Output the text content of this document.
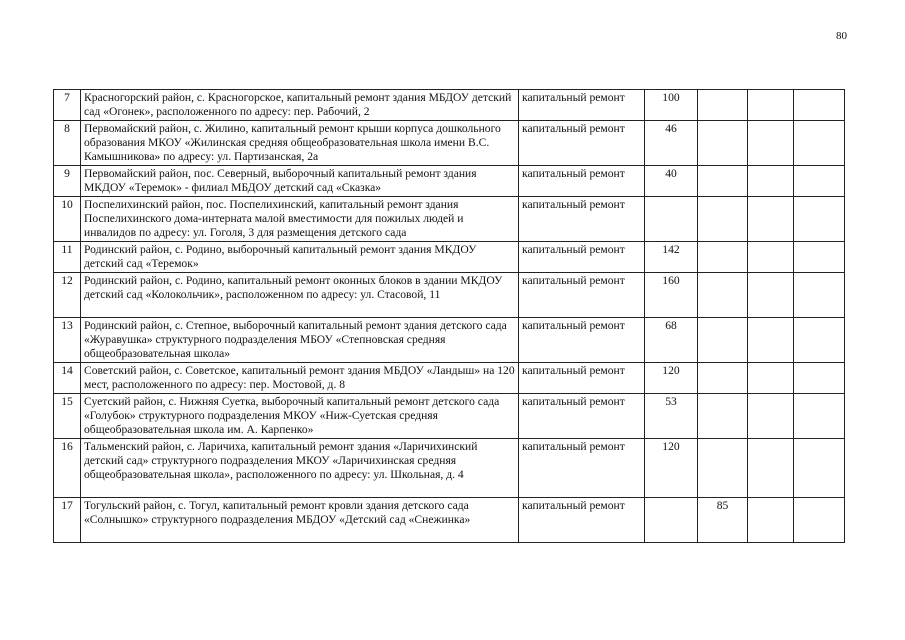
80
7	Красногорский район, с. Красногорское, капитальный ремонт здания МБДОУ детский сад «Огонек», расположенного по адресу: пер. Рабочий, 2	капитальный ремонт	100			
8	Первомайский район, с. Жилино, капитальный ремонт крыши корпуса дошкольного образования МКОУ «Жилинская средняя общеобразовательная школа имени В.С. Камышникова» по адресу: ул. Партизанская, 2а	капитальный ремонт	46			
9	Первомайский район, пос. Северный, выборочный капитальный ремонт здания МКДОУ «Теремок» - филиал МБДОУ детский сад «Сказка»	капитальный ремонт	40			
10	Поспелихинский район, пос. Поспелихинский, капитальный ремонт здания Поспелихинского дома-интерната малой вместимости для пожилых людей и инвалидов по адресу: ул. Гоголя, 3 для размещения детского сада	капитальный ремонт				
11	Родинский район, с. Родино, выборочный капитальный ремонт здания МКДОУ детский сад «Теремок»	капитальный ремонт	142			
12	Родинский район, с. Родино, капитальный ремонт оконных блоков в здании МКДОУ детский сад «Колокольчик», расположенном по адресу: ул. Стасовой, 11	капитальный ремонт	160			
13	Родинский район, с. Степное, выборочный капитальный ремонт здания детского сада «Журавушка» структурного подразделения МБОУ «Степновская средняя общеобразовательная школа»	капитальный ремонт	68			
14	Советский район, с. Советское, капитальный ремонт здания МБДОУ «Ландыш» на 120 мест, расположенного по адресу: пер. Мостовой, д. 8	капитальный ремонт	120			
15	Суетский район, с. Нижняя Суетка, выборочный капитальный ремонт детского сада «Голубок» структурного подразделения МКОУ «Ниж-Суетская средняя общеобразовательная школа им. А. Карпенко»	капитальный ремонт	53			
16	Тальменский район, с. Ларичиха, капитальный ремонт здания «Ларичихинский детский сад» структурного подразделения МКОУ «Ларичихинская средняя общеобразовательная школа», расположенного по адресу: ул. Школьная, д. 4	капитальный ремонт	120			
17	Тогульский район, с. Тогул, капитальный ремонт кровли здания детского сада «Солнышко» структурного подразделения МБДОУ «Детский сад «Снежинка»	капитальный ремонт		85		
